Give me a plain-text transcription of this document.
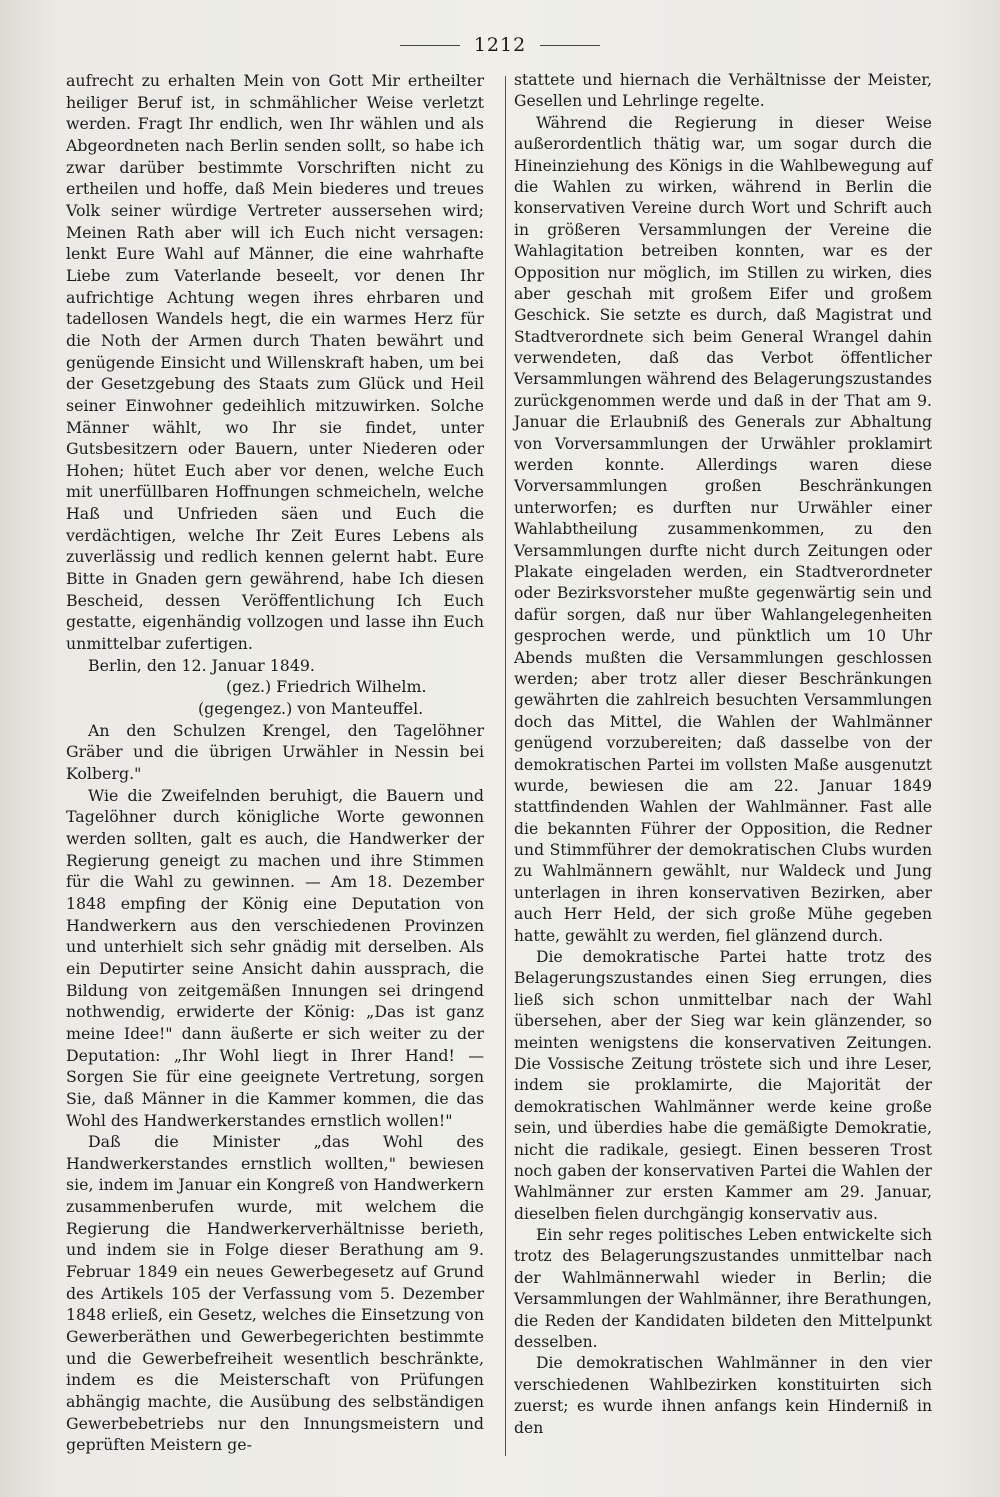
1212

aufrecht zu erhalten Mein von Gott Mir ertheilter heiliger Beruf ist, in schmählicher Weise verletzt werden. Fragt Ihr endlich, wen Ihr wählen und als Abgeordneten nach Berlin senden sollt, so habe ich zwar darüber bestimmte Vorschriften nicht zu ertheilen und hoffe, daß Mein biederes und treues Volk seiner würdige Vertreter aussersehen wird; Meinen Rath aber will ich Euch nicht versagen: lenkt Eure Wahl auf Männer, die eine wahrhafte Liebe zum Vaterlande beseelt, vor denen Ihr aufrichtige Achtung wegen ihres ehrbaren und tadellosen Wandels hegt, die ein warmes Herz für die Noth der Armen durch Thaten bewährt und genügende Einsicht und Willenskraft haben, um bei der Gesetzgebung des Staats zum Glück und Heil seiner Einwohner gedeihlich mitzuwirken. Solche Männer wählt, wo Ihr sie findet, unter Gutsbesitzern oder Bauern, unter Niederen oder Hohen; hütet Euch aber vor denen, welche Euch mit unerfüllbaren Hoffnungen schmeicheln, welche Haß und Unfrieden säen und Euch die verdächtigen, welche Ihr Zeit Eures Lebens als zuverlässig und redlich kennen gelernt habt. Eure Bitte in Gnaden gern gewährend, habe Ich diesen Bescheid, dessen Veröffentlichung Ich Euch gestatte, eigenhändig vollzogen und lasse ihn Euch unmittelbar zufertigen.

Berlin, den 12. Januar 1849.

(gez.) Friedrich Wilhelm.

(gegengez.) von Manteuffel.

An den Schulzen Krengel, den Tagelöhner Gräber und die übrigen Urwähler in Nessin bei Kolberg."

Wie die Zweifelnden beruhigt, die Bauern und Tagelöhner durch königliche Worte gewonnen werden sollten, galt es auch, die Handwerker der Regierung geneigt zu machen und ihre Stimmen für die Wahl zu gewinnen. — Am 18. Dezember 1848 empfing der König eine Deputation von Handwerkern aus den verschiedenen Provinzen und unterhielt sich sehr gnädig mit derselben. Als ein Deputirter seine Ansicht dahin aussprach, die Bildung von zeitgemäßen Innungen sei dringend nothwendig, erwiderte der König: „Das ist ganz meine Idee!" dann äußerte er sich weiter zu der Deputation: „Ihr Wohl liegt in Ihrer Hand! — Sorgen Sie für eine geeignete Vertretung, sorgen Sie, daß Männer in die Kammer kommen, die das Wohl des Handwerkerstandes ernstlich wollen!"

Daß die Minister „das Wohl des Handwerkerstandes ernstlich wollten," bewiesen sie, indem im Januar ein Kongreß von Handwerkern zusammenberufen wurde, mit welchem die Regierung die Handwerkerverhältnisse berieth, und indem sie in Folge dieser Berathung am 9. Februar 1849 ein neues Gewerbegesetz auf Grund des Artikels 105 der Verfassung vom 5. Dezember 1848 erließ, ein Gesetz, welches die Einsetzung von Gewerberäthen und Gewerbegerichten bestimmte und die Gewerbefreiheit wesentlich beschränkte, indem es die Meisterschaft von Prüfungen abhängig machte, die Ausübung des selbständigen Gewerbebetriebs nur den Innungsmeistern und geprüften Meistern ge-

stattete und hiernach die Verhältnisse der Meister, Gesellen und Lehrlinge regelte.

Während die Regierung in dieser Weise außerordentlich thätig war, um sogar durch die Hineinziehung des Königs in die Wahlbewegung auf die Wahlen zu wirken, während in Berlin die konservativen Vereine durch Wort und Schrift auch in größeren Versammlungen der Vereine die Wahlagitation betreiben konnten, war es der Opposition nur möglich, im Stillen zu wirken, dies aber geschah mit großem Eifer und großem Geschick. Sie setzte es durch, daß Magistrat und Stadtverordnete sich beim General Wrangel dahin verwendeten, daß das Verbot öffentlicher Versammlungen während des Belagerungszustandes zurückgenommen werde und daß in der That am 9. Januar die Erlaubniß des Generals zur Abhaltung von Vorversammlungen der Urwähler proklamirt werden konnte. Allerdings waren diese Vorversammlungen großen Beschränkungen unterworfen; es durften nur Urwähler einer Wahlabtheilung zusammenkommen, zu den Versammlungen durfte nicht durch Zeitungen oder Plakate eingeladen werden, ein Stadtverordneter oder Bezirksvorsteher mußte gegenwärtig sein und dafür sorgen, daß nur über Wahlangelegenheiten gesprochen werde, und pünktlich um 10 Uhr Abends mußten die Versammlungen geschlossen werden; aber trotz aller dieser Beschränkungen gewährten die zahlreich besuchten Versammlungen doch das Mittel, die Wahlen der Wahlmänner genügend vorzubereiten; daß dasselbe von der demokratischen Partei im vollsten Maße ausgenutzt wurde, bewiesen die am 22. Januar 1849 stattfindenden Wahlen der Wahlmänner. Fast alle die bekannten Führer der Opposition, die Redner und Stimmführer der demokratischen Clubs wurden zu Wahlmännern gewählt, nur Waldeck und Jung unterlagen in ihren konservativen Bezirken, aber auch Herr Held, der sich große Mühe gegeben hatte, gewählt zu werden, fiel glänzend durch.

Die demokratische Partei hatte trotz des Belagerungszustandes einen Sieg errungen, dies ließ sich schon unmittelbar nach der Wahl übersehen, aber der Sieg war kein glänzender, so meinten wenigstens die konservativen Zeitungen. Die Vossische Zeitung tröstete sich und ihre Leser, indem sie proklamirte, die Majorität der demokratischen Wahlmänner werde keine große sein, und überdies habe die gemäßigte Demokratie, nicht die radikale, gesiegt. Einen besseren Trost noch gaben der konservativen Partei die Wahlen der Wahlmänner zur ersten Kammer am 29. Januar, dieselben fielen durchgängig konservativ aus.

Ein sehr reges politisches Leben entwickelte sich trotz des Belagerungszustandes unmittelbar nach der Wahlmännerwahl wieder in Berlin; die Versammlungen der Wahlmänner, ihre Berathungen, die Reden der Kandidaten bildeten den Mittelpunkt desselben.

Die demokratischen Wahlmänner in den vier verschiedenen Wahlbezirken konstituirten sich zuerst; es wurde ihnen anfangs kein Hinderniß in den
